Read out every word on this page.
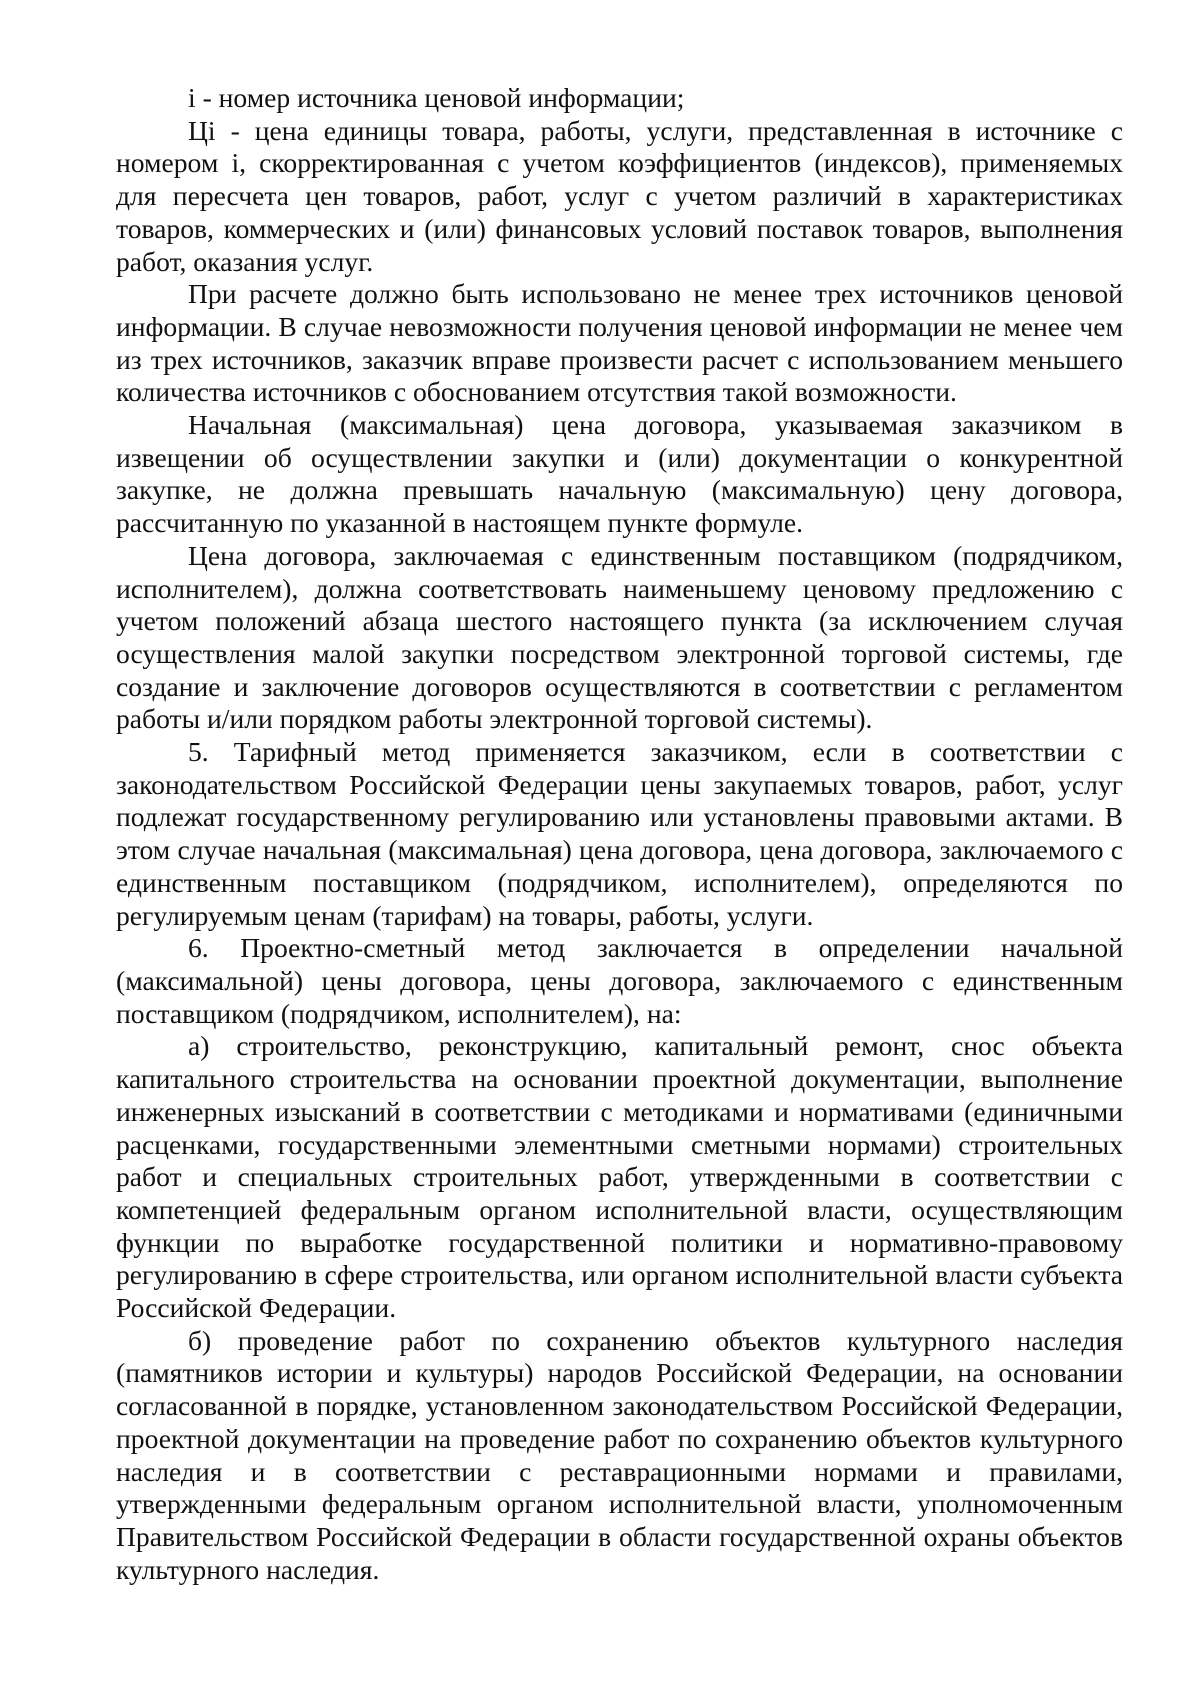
i - номер источника ценовой информации;

Цi - цена единицы товара, работы, услуги, представленная в источнике с номером i, скорректированная с учетом коэффициентов (индексов), применяемых для пересчета цен товаров, работ, услуг с учетом различий в характеристиках товаров, коммерческих и (или) финансовых условий поставок товаров, выполнения работ, оказания услуг.

При расчете должно быть использовано не менее трех источников ценовой информации. В случае невозможности получения ценовой информации не менее чем из трех источников, заказчик вправе произвести расчет с использованием меньшего количества источников с обоснованием отсутствия такой возможности.

Начальная (максимальная) цена договора, указываемая заказчиком в извещении об осуществлении закупки и (или) документации о конкурентной закупке, не должна превышать начальную (максимальную) цену договора, рассчитанную по указанной в настоящем пункте формуле.

Цена договора, заключаемая с единственным поставщиком (подрядчиком, исполнителем), должна соответствовать наименьшему ценовому предложению с учетом положений абзаца шестого настоящего пункта (за исключением случая осуществления малой закупки посредством электронной торговой системы, где создание и заключение договоров осуществляются в соответствии с регламентом работы и/или порядком работы электронной торговой системы).

5. Тарифный метод применяется заказчиком, если в соответствии с законодательством Российской Федерации цены закупаемых товаров, работ, услуг подлежат государственному регулированию или установлены правовыми актами. В этом случае начальная (максимальная) цена договора, цена договора, заключаемого с единственным поставщиком (подрядчиком, исполнителем), определяются по регулируемым ценам (тарифам) на товары, работы, услуги.

6. Проектно-сметный метод заключается в определении начальной (максимальной) цены договора, цены договора, заключаемого с единственным поставщиком (подрядчиком, исполнителем), на:

а) строительство, реконструкцию, капитальный ремонт, снос объекта капитального строительства на основании проектной документации, выполнение инженерных изысканий в соответствии с методиками и нормативами (единичными расценками, государственными элементными сметными нормами) строительных работ и специальных строительных работ, утвержденными в соответствии с компетенцией федеральным органом исполнительной власти, осуществляющим функции по выработке государственной политики и нормативно-правовому регулированию в сфере строительства, или органом исполнительной власти субъекта Российской Федерации.

б) проведение работ по сохранению объектов культурного наследия (памятников истории и культуры) народов Российской Федерации, на основании согласованной в порядке, установленном законодательством Российской Федерации, проектной документации на проведение работ по сохранению объектов культурного наследия и в соответствии с реставрационными нормами и правилами, утвержденными федеральным органом исполнительной власти, уполномоченным Правительством Российской Федерации в области государственной охраны объектов культурного наследия.
